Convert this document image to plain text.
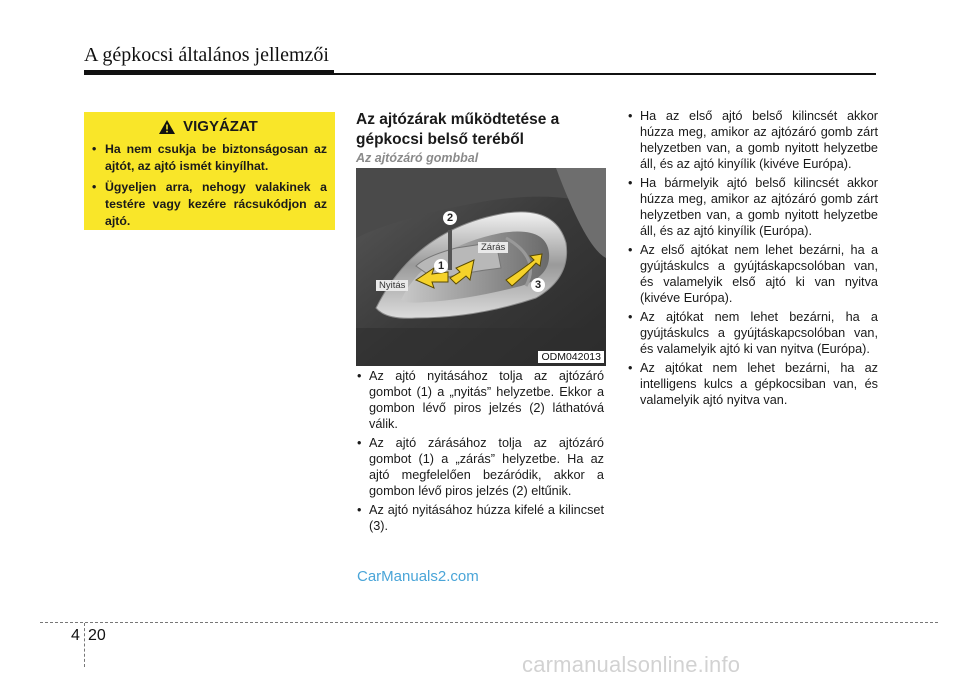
A gépkocsi általános jellemzői
VIGYÁZAT
• Ha nem csukja be biztonságosan az ajtót, az ajtó ismét kinyílhat.
• Ügyeljen arra, nehogy valakinek a testére vagy kezére rácsukódjon az ajtó.
Az ajtózárak működtetése a gépkocsi belső teréből
Az ajtózáró gombbal
2
1
3
Zárás
Nyitás
ODM042013
• Az ajtó nyitásához tolja az ajtózáró gombot (1) a „nyitás” helyzetbe. Ekkor a gombon lévő piros jelzés (2) láthatóvá válik.
• Az ajtó zárásához tolja az ajtózáró gombot (1) a „zárás” helyzetbe. Ha az ajtó megfelelően bezáródik, akkor a gombon lévő piros jelzés (2) eltűnik.
• Az ajtó nyitásához húzza kifelé a kilincset (3).
• Ha az első ajtó belső kilincsét akkor húzza meg, amikor az ajtózáró gomb zárt helyzetben van, a gomb nyitott helyzetbe áll, és az ajtó kinyílik (kivéve Európa).
• Ha bármelyik ajtó belső kilincsét akkor húzza meg, amikor az ajtózáró gomb zárt helyzetben van, a gomb nyitott helyzetbe áll, és az ajtó kinyílik (Európa).
• Az első ajtókat nem lehet bezárni, ha a gyújtáskulcs a gyújtáskapcsolóban van, és valamelyik első ajtó ki van nyitva (kivéve Európa).
• Az ajtókat nem lehet bezárni, ha a gyújtáskulcs a gyújtáskapcsolóban van, és valamelyik ajtó ki van nyitva (Európa).
• Az ajtókat nem lehet bezárni, ha az intelligens kulcs a gépkocsiban van, és valamelyik ajtó nyitva van.
CarManuals2.com
4 20
carmanualsonline.info
